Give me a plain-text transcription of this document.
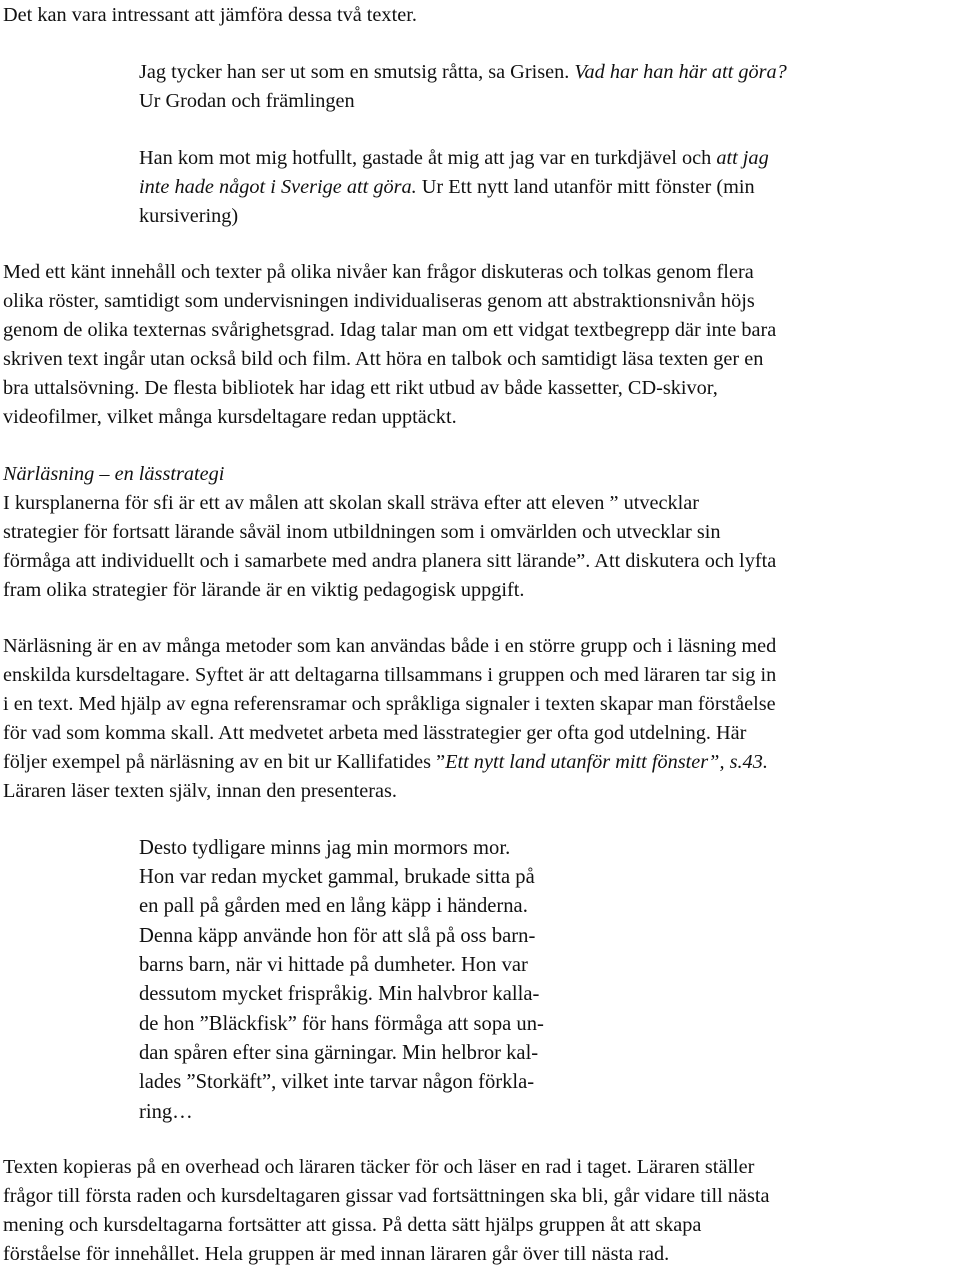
Det kan vara intressant att jämföra dessa två texter.

Jag tycker han ser ut som en smutsig råtta, sa Grisen. Vad har han här att göra?
Ur Grodan och främlingen

Han kom mot mig hotfullt, gastade åt mig att jag var en turkdjävel och att jag
inte hade något i Sverige att göra. Ur Ett nytt land utanför mitt fönster (min
kursivering)

Med ett känt innehåll och texter på olika nivåer kan frågor diskuteras och tolkas genom flera
olika röster, samtidigt som undervisningen individualiseras genom att abstraktionsnivån höjs
genom de olika texternas svårighetsgrad. Idag talar man om ett vidgat textbegrepp där inte bara
skriven text ingår utan också bild och film. Att höra en talbok och samtidigt läsa texten ger en
bra uttalsövning. De flesta bibliotek har idag ett rikt utbud av både kassetter, CD-skivor,
videofilmer, vilket många kursdeltagare redan upptäckt.

Närläsning – en lässtrategi
I kursplanerna för sfi är ett av målen att skolan skall sträva efter att eleven ” utvecklar
strategier för fortsatt lärande såväl inom utbildningen som i omvärlden och utvecklar sin
förmåga att individuellt och i samarbete med andra planera sitt lärande”. Att diskutera och lyfta
fram olika strategier för lärande är en viktig pedagogisk uppgift.

Närläsning är en av många metoder som kan användas både i en större grupp och i läsning med
enskilda kursdeltagare. Syftet är att deltagarna tillsammans i gruppen och med läraren tar sig in
i en text. Med hjälp av egna referensramar och språkliga signaler i texten skapar man förståelse
för vad som komma skall. Att medvetet arbeta med lässtrategier ger ofta god utdelning. Här
följer exempel på närläsning av en bit ur Kallifatides ”Ett nytt land utanför mitt fönster”, s.43.
Läraren läser texten själv, innan den presenteras.

Desto tydligare minns jag min mormors mor.
Hon var redan mycket gammal, brukade sitta på
en pall på gården med en lång käpp i händerna.
Denna käpp använde hon för att slå på oss barn-
barns barn, när vi hittade på dumheter. Hon var
dessutom mycket frispråkig. Min halvbror kalla-
de hon ”Bläckfisk” för hans förmåga att sopa un-
dan spåren efter sina gärningar. Min helbror kal-
lades ”Storkäft”, vilket inte tarvar någon förkla-
ring…

Texten kopieras på en overhead och läraren täcker för och läser en rad i taget. Läraren ställer
frågor till första raden och kursdeltagaren gissar vad fortsättningen ska bli, går vidare till nästa
mening och kursdeltagarna fortsätter att gissa. På detta sätt hjälps gruppen åt att skapa
förståelse för innehållet. Hela gruppen är med innan läraren går över till nästa rad.
